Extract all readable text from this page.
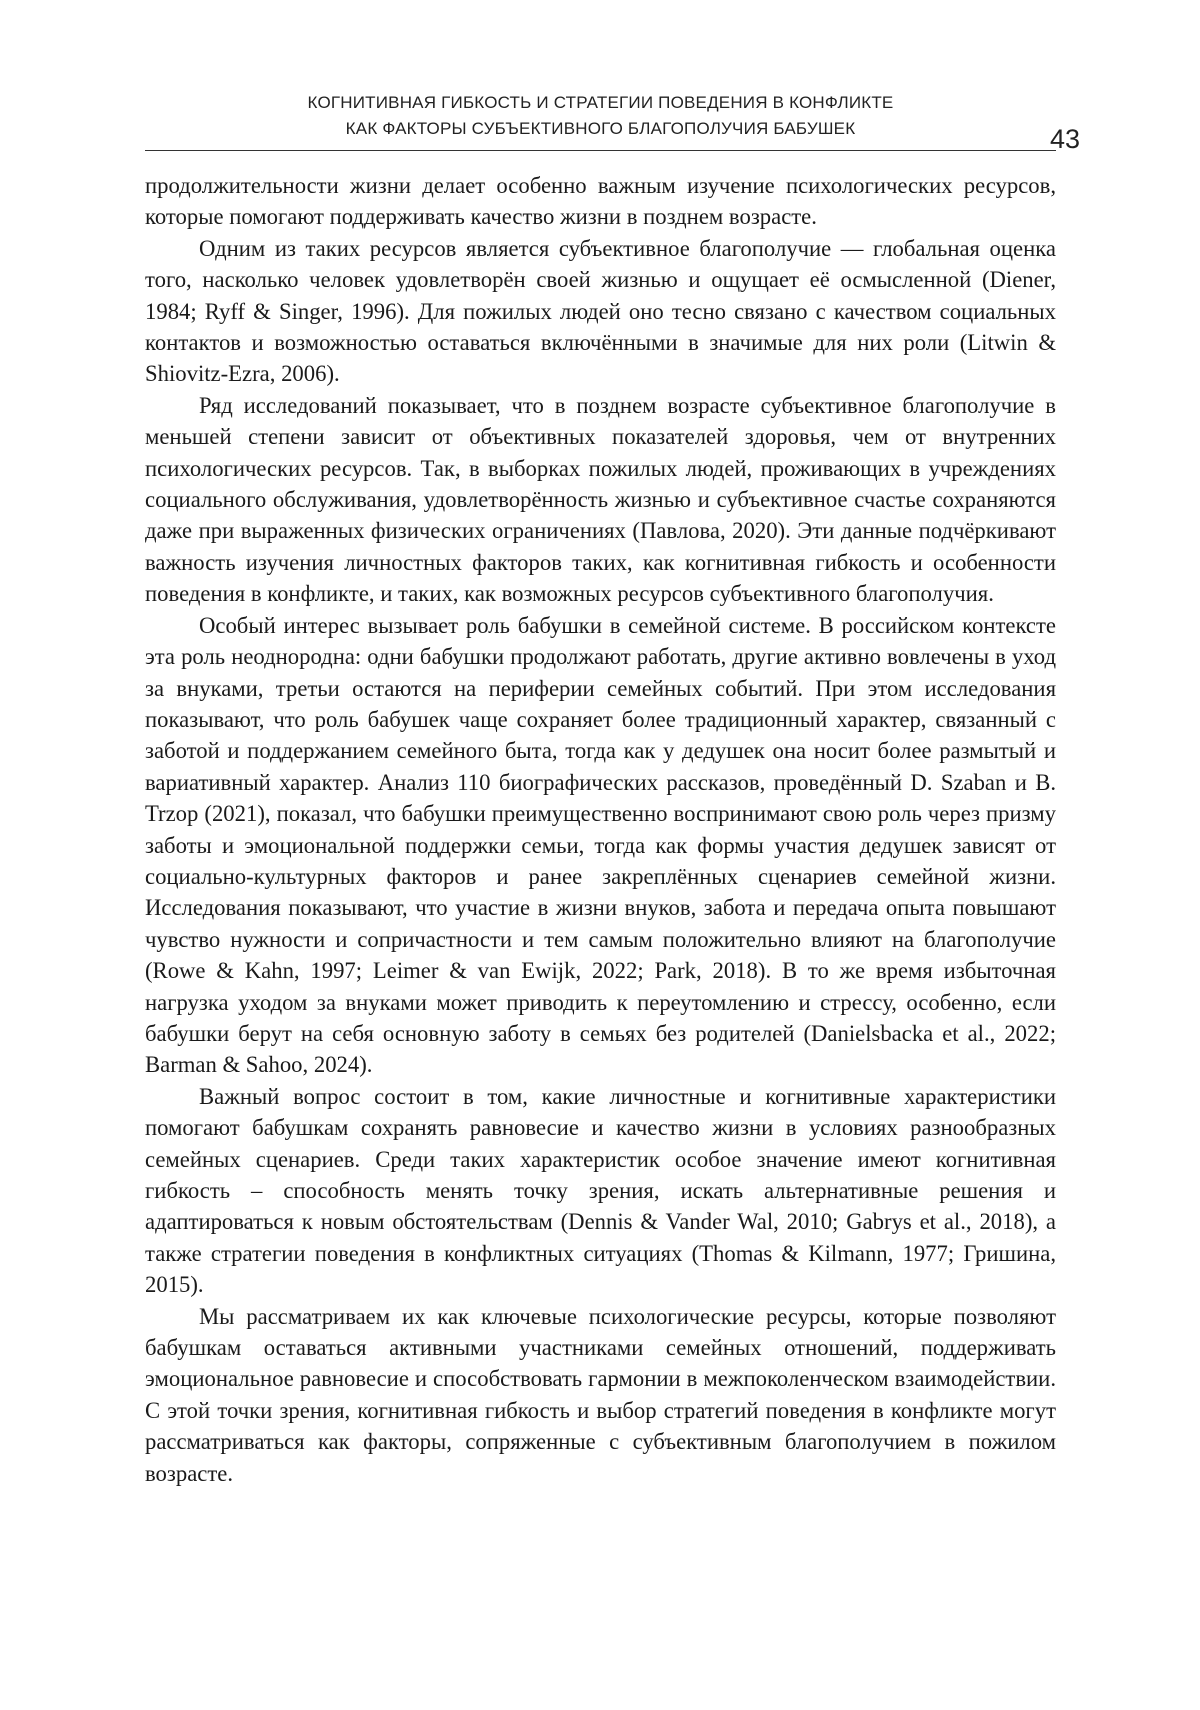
КОГНИТИВНАЯ ГИБКОСТЬ И СТРАТЕГИИ ПОВЕДЕНИЯ В КОНФЛИКТЕ
КАК ФАКТОРЫ СУБЪЕКТИВНОГО БЛАГОПОЛУЧИЯ БАБУШЕК	43

продолжительности жизни делает особенно важным изучение психологических ресурсов, которые помогают поддерживать качество жизни в позднем возрасте.

Одним из таких ресурсов является субъективное благополучие — глобальная оценка того, насколько человек удовлетворён своей жизнью и ощущает её осмысленной (Diener, 1984; Ryff & Singer, 1996). Для пожилых людей оно тесно связано с качеством социальных контактов и возможностью оставаться включёнными в значимые для них роли (Litwin & Shiovitz-Ezra, 2006).

Ряд исследований показывает, что в позднем возрасте субъективное благополучие в меньшей степени зависит от объективных показателей здоровья, чем от внутренних психологических ресурсов. Так, в выборках пожилых людей, проживающих в учреждениях социального обслуживания, удовлетворённость жизнью и субъективное счастье сохраняются даже при выраженных физических ограничениях (Павлова, 2020). Эти данные подчёркивают важность изучения личностных факторов таких, как когнитивная гибкость и особенности поведения в конфликте, и таких, как возможных ресурсов субъективного благополучия.

Особый интерес вызывает роль бабушки в семейной системе. В российском контексте эта роль неоднородна: одни бабушки продолжают работать, другие активно вовлечены в уход за внуками, третьи остаются на периферии семейных событий. При этом исследования показывают, что роль бабушек чаще сохраняет более традиционный характер, связанный с заботой и поддержанием семейного быта, тогда как у дедушек она носит более размытый и вариативный характер. Анализ 110 биографических рассказов, проведённый D. Szaban и B. Trzop (2021), показал, что бабушки преимущественно воспринимают свою роль через призму заботы и эмоциональной поддержки семьи, тогда как формы участия дедушек зависят от социально-культурных факторов и ранее закреплённых сценариев семейной жизни. Исследования показывают, что участие в жизни внуков, забота и передача опыта повышают чувство нужности и сопричастности и тем самым положительно влияют на благополучие (Rowe & Kahn, 1997; Leimer & van Ewijk, 2022; Park, 2018). В то же время избыточная нагрузка уходом за внуками может приводить к переутомлению и стрессу, особенно, если бабушки берут на себя основную заботу в семьях без родителей (Danielsbacka et al., 2022; Barman & Sahoo, 2024).

Важный вопрос состоит в том, какие личностные и когнитивные характеристики помогают бабушкам сохранять равновесие и качество жизни в условиях разнообразных семейных сценариев. Среди таких характеристик особое значение имеют когнитивная гибкость – способность менять точку зрения, искать альтернативные решения и адаптироваться к новым обстоятельствам (Dennis & Vander Wal, 2010; Gabrys et al., 2018), а также стратегии поведения в конфликтных ситуациях (Thomas & Kilmann, 1977; Гришина, 2015).

Мы рассматриваем их как ключевые психологические ресурсы, которые позволяют бабушкам оставаться активными участниками семейных отношений, поддерживать эмоциональное равновесие и способствовать гармонии в межпоколенческом взаимодействии. С этой точки зрения, когнитивная гибкость и выбор стратегий поведения в конфликте могут рассматриваться как факторы, сопряженные с субъективным благополучием в пожилом возрасте.
